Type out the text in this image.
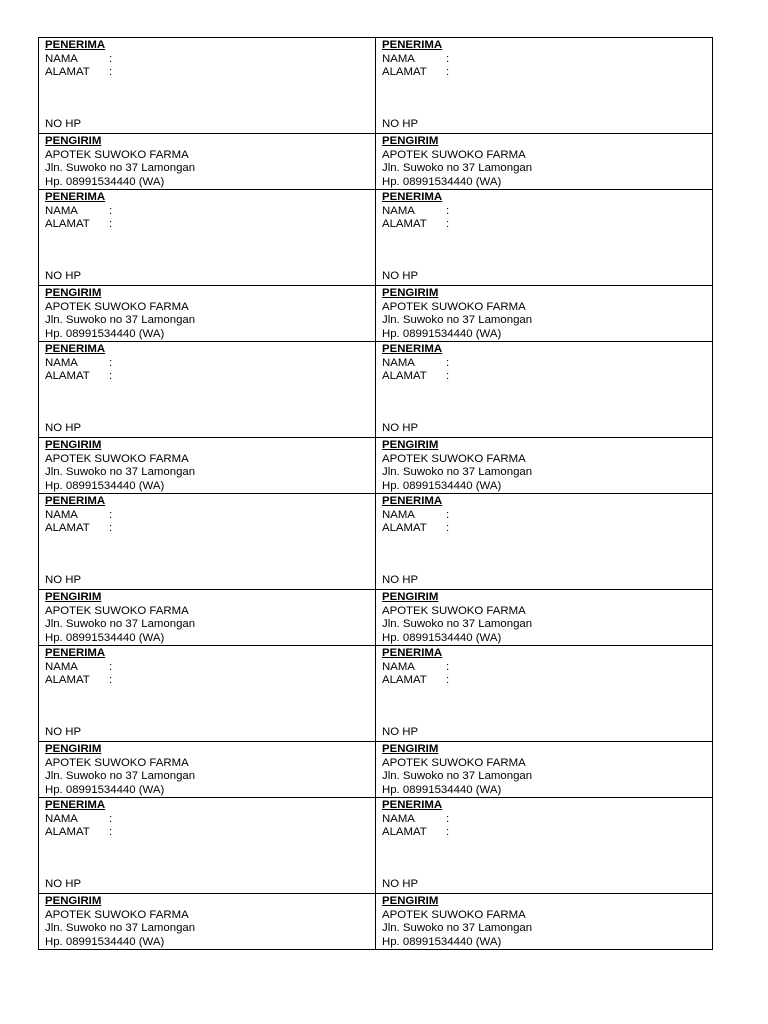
PENERIMA
NAMA	:
ALAMAT	:
NO HP
PENERIMA
NAMA	:
ALAMAT	:
NO HP
PENGIRIM
APOTEK SUWOKO FARMA
Jln. Suwoko no 37 Lamongan
Hp. 08991534440 (WA)
PENGIRIM
APOTEK SUWOKO FARMA
Jln. Suwoko no 37 Lamongan
Hp. 08991534440 (WA)
PENERIMA
NAMA	:
ALAMAT	:
NO HP
PENERIMA
NAMA	:
ALAMAT	:
NO HP
PENGIRIM
APOTEK SUWOKO FARMA
Jln. Suwoko no 37 Lamongan
Hp. 08991534440 (WA)
PENGIRIM
APOTEK SUWOKO FARMA
Jln. Suwoko no 37 Lamongan
Hp. 08991534440 (WA)
PENERIMA
NAMA	:
ALAMAT	:
NO HP
PENERIMA
NAMA	:
ALAMAT	:
NO HP
PENGIRIM
APOTEK SUWOKO FARMA
Jln. Suwoko no 37 Lamongan
Hp. 08991534440 (WA)
PENGIRIM
APOTEK SUWOKO FARMA
Jln. Suwoko no 37 Lamongan
Hp. 08991534440 (WA)
PENERIMA
NAMA	:
ALAMAT	:
NO HP
PENERIMA
NAMA	:
ALAMAT	:
NO HP
PENGIRIM
APOTEK SUWOKO FARMA
Jln. Suwoko no 37 Lamongan
Hp. 08991534440 (WA)
PENGIRIM
APOTEK SUWOKO FARMA
Jln. Suwoko no 37 Lamongan
Hp. 08991534440 (WA)
PENERIMA
NAMA	:
ALAMAT	:
NO HP
PENERIMA
NAMA	:
ALAMAT	:
NO HP
PENGIRIM
APOTEK SUWOKO FARMA
Jln. Suwoko no 37 Lamongan
Hp. 08991534440 (WA)
PENGIRIM
APOTEK SUWOKO FARMA
Jln. Suwoko no 37 Lamongan
Hp. 08991534440 (WA)
PENERIMA
NAMA	:
ALAMAT	:
NO HP
PENERIMA
NAMA	:
ALAMAT	:
NO HP
PENGIRIM
APOTEK SUWOKO FARMA
Jln. Suwoko no 37 Lamongan
Hp. 08991534440 (WA)
PENGIRIM
APOTEK SUWOKO FARMA
Jln. Suwoko no 37 Lamongan
Hp. 08991534440 (WA)
